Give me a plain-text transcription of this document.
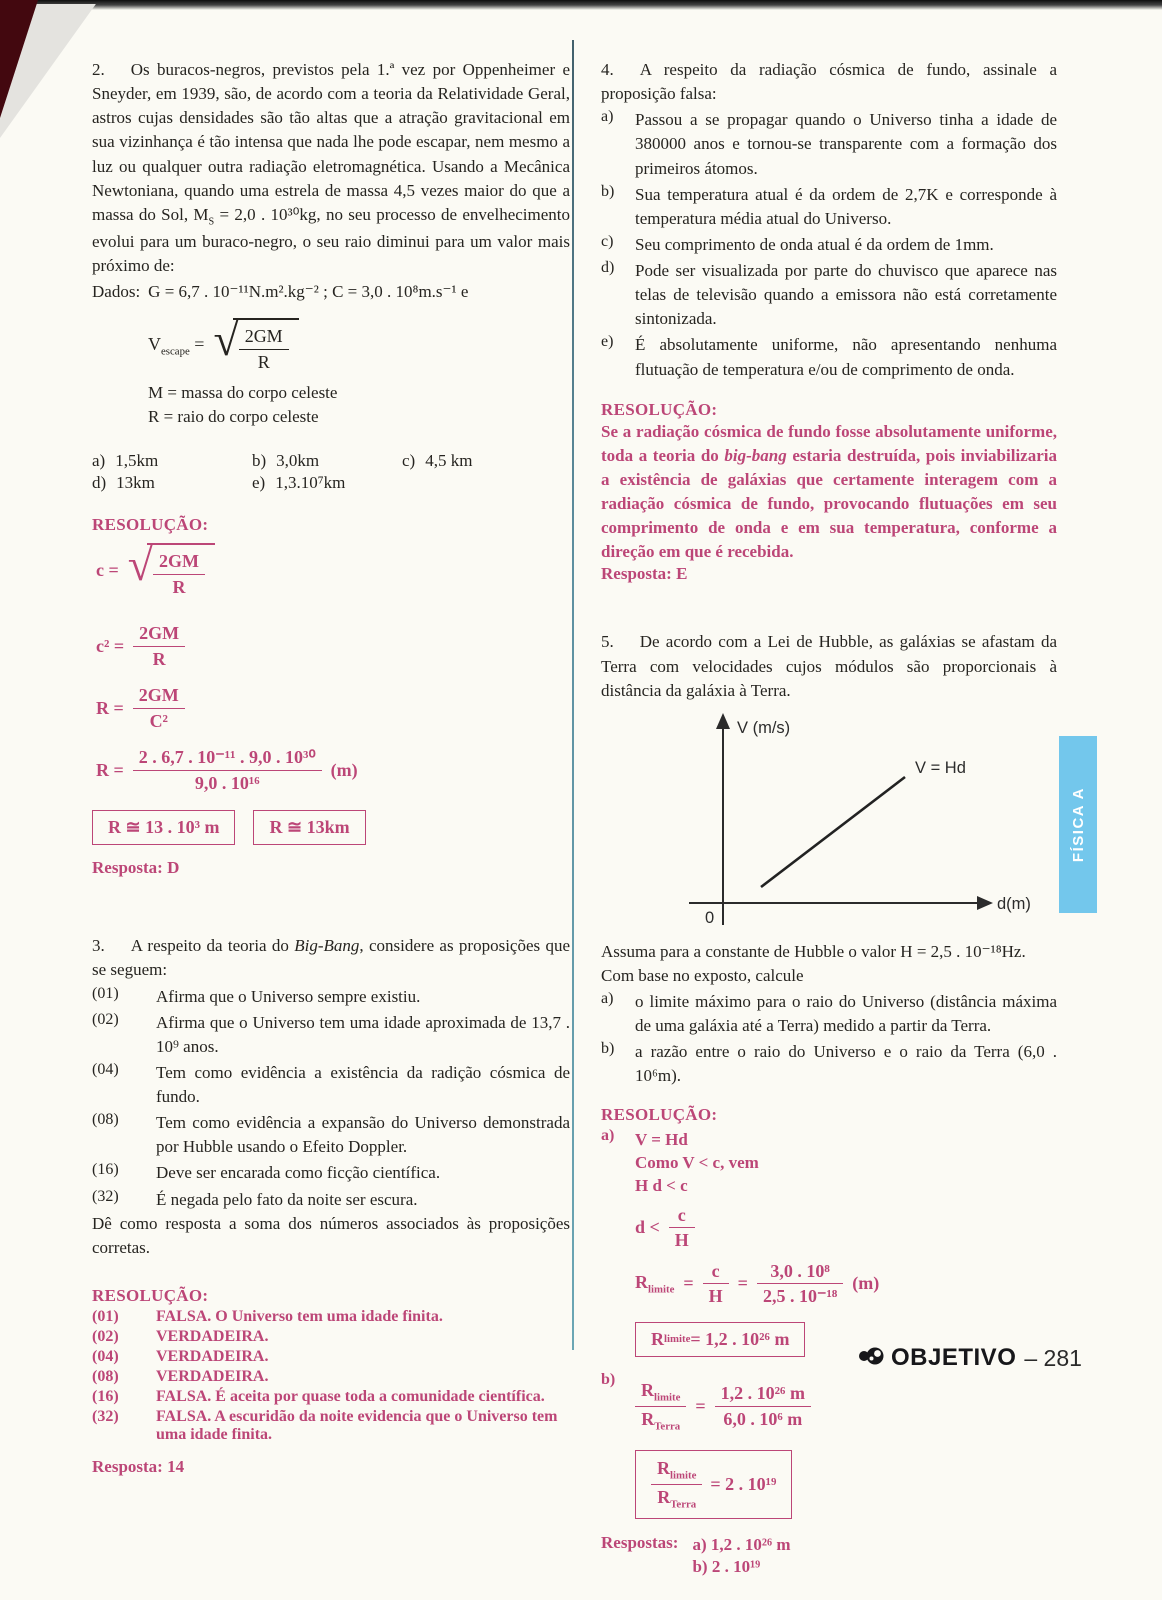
2. Os buracos-negros, previstos pela 1.ª vez por Oppenheimer e Sneyder, em 1939, são, de acordo com a teoria da Relatividade Geral, astros cujas densidades são tão altas que a atração gravitacional em sua vizinhança é tão intensa que nada lhe pode escapar, nem mesmo a luz ou qualquer outra radiação eletromagnética. Usando a Mecânica Newtoniana, quando uma estrela de massa 4,5 vezes maior do que a massa do Sol, $M_S = 2,0$ . 10³⁰kg, no seu processo de envelhecimento evolui para um buraco-negro, o seu raio diminui para um valor mais próximo de:

Dados: G = 6,7 . 10⁻¹¹N.m².kg⁻² ; C = 3,0 . 10⁸m.s⁻¹ e

$V_{escape}$ = √ $\frac{2GM}{R}$

M = massa do corpo celeste

R = raio do corpo celeste

a) 1,5km	b) 3,0km	c) 4,5 km
d) 13km	e) 1,3.10⁷km

RESOLUÇÃO:

c = √ $\frac{2GM}{R}$
$c^2 = \frac{2GM}{R}$
$R = \frac{2GM}{\text{C²}}$
$R = \frac{\text{2 . 6,7 . 10⁻¹¹ . 9,0 . 10³⁰}}{\text{9,0 . 10¹⁶}} (m)$
R ≅ 13 . 10³ m	R ≅ 13km

Resposta: D

3. A respeito da teoria do Big-Bang, considere as proposições que se seguem:

(01)	Afirma que o Universo sempre existiu.
(02)	Afirma que o Universo tem uma idade aproximada de 13,7 . 10⁹ anos.
(04)	Tem como evidência a existência da radição cósmica de fundo.
(08)	Tem como evidência a expansão do Universo demonstrada por Hubble usando o Efeito Doppler.
(16)	Deve ser encarada como ficção científica.
(32)	É negada pelo fato da noite ser escura.

Dê como resposta a soma dos números associados às proposições corretas.

RESOLUÇÃO:

(01)	FALSA. O Universo tem uma idade finita.
(02)	VERDADEIRA.
(04)	VERDADEIRA.
(08)	VERDADEIRA.
(16)	FALSA. É aceita por quase toda a comunidade científica.
(32)	FALSA. A escuridão da noite evidencia que o Universo tem uma idade finita.

Resposta: 14

4. A respeito da radiação cósmica de fundo, assinale a proposição falsa:

a)	Passou a se propagar quando o Universo tinha a idade de 380000 anos e tornou-se transparente com a formação dos primeiros átomos.
b)	Sua temperatura atual é da ordem de 2,7K e corresponde à temperatura média atual do Universo.
c)	Seu comprimento de onda atual é da ordem de 1mm.
d)	Pode ser visualizada por parte do chuvisco que aparece nas telas de televisão quando a emissora não está corretamente sintonizada.
e)	É absolutamente uniforme, não apresentando nenhuma flutuação de temperatura e/ou de comprimento de onda.

RESOLUÇÃO:

Se a radiação cósmica de fundo fosse absolutamente uniforme, toda a teoria do big-bang estaria destruída, pois inviabilizaria a existência de galáxias que certamente interagem com a radiação cósmica de fundo, provocando flutuações em seu comprimento de onda e em sua temperatura, conforme a direção em que é recebida.

Resposta: E

5. De acordo com a Lei de Hubble, as galáxias se afastam da Terra com velocidades cujos módulos são proporcionais à distância da galáxia à Terra.

V (m/s)
d(m)
0
V = Hd

Assuma para a constante de Hubble o valor H = 2,5 . 10⁻¹⁸Hz.

Com base no exposto, calcule

a)	o limite máximo para o raio do Universo (distância máxima de uma galáxia até a Terra) medido a partir da Terra.
b)	a razão entre o raio do Universo e o raio da Terra (6,0 . 10⁶m).

RESOLUÇÃO:

a)	V = Hd

Como V < c, vem

H d < c

$d < \frac{c}{H}$
$R_{limite} = \frac{c}{H} = \frac{\text{3,0 . 10⁸}}{\text{2,5 . 10⁻¹⁸}} (m)$
R limite = 1,2 . 10²⁶ m
b)	$\frac{R_{limite}}{R_{Terra}} = \frac{\text{1,2 . 10²⁶ m}}{\text{6,0 . 10⁶ m}}$
$\frac{R_{limite}}{R_{Terra}} = 2$ . 10¹⁹
Respostas: a) 1,2 . 10²⁶ m

b) 2 . 10¹⁹

FÍSICA A
OBJETIVO – 281
